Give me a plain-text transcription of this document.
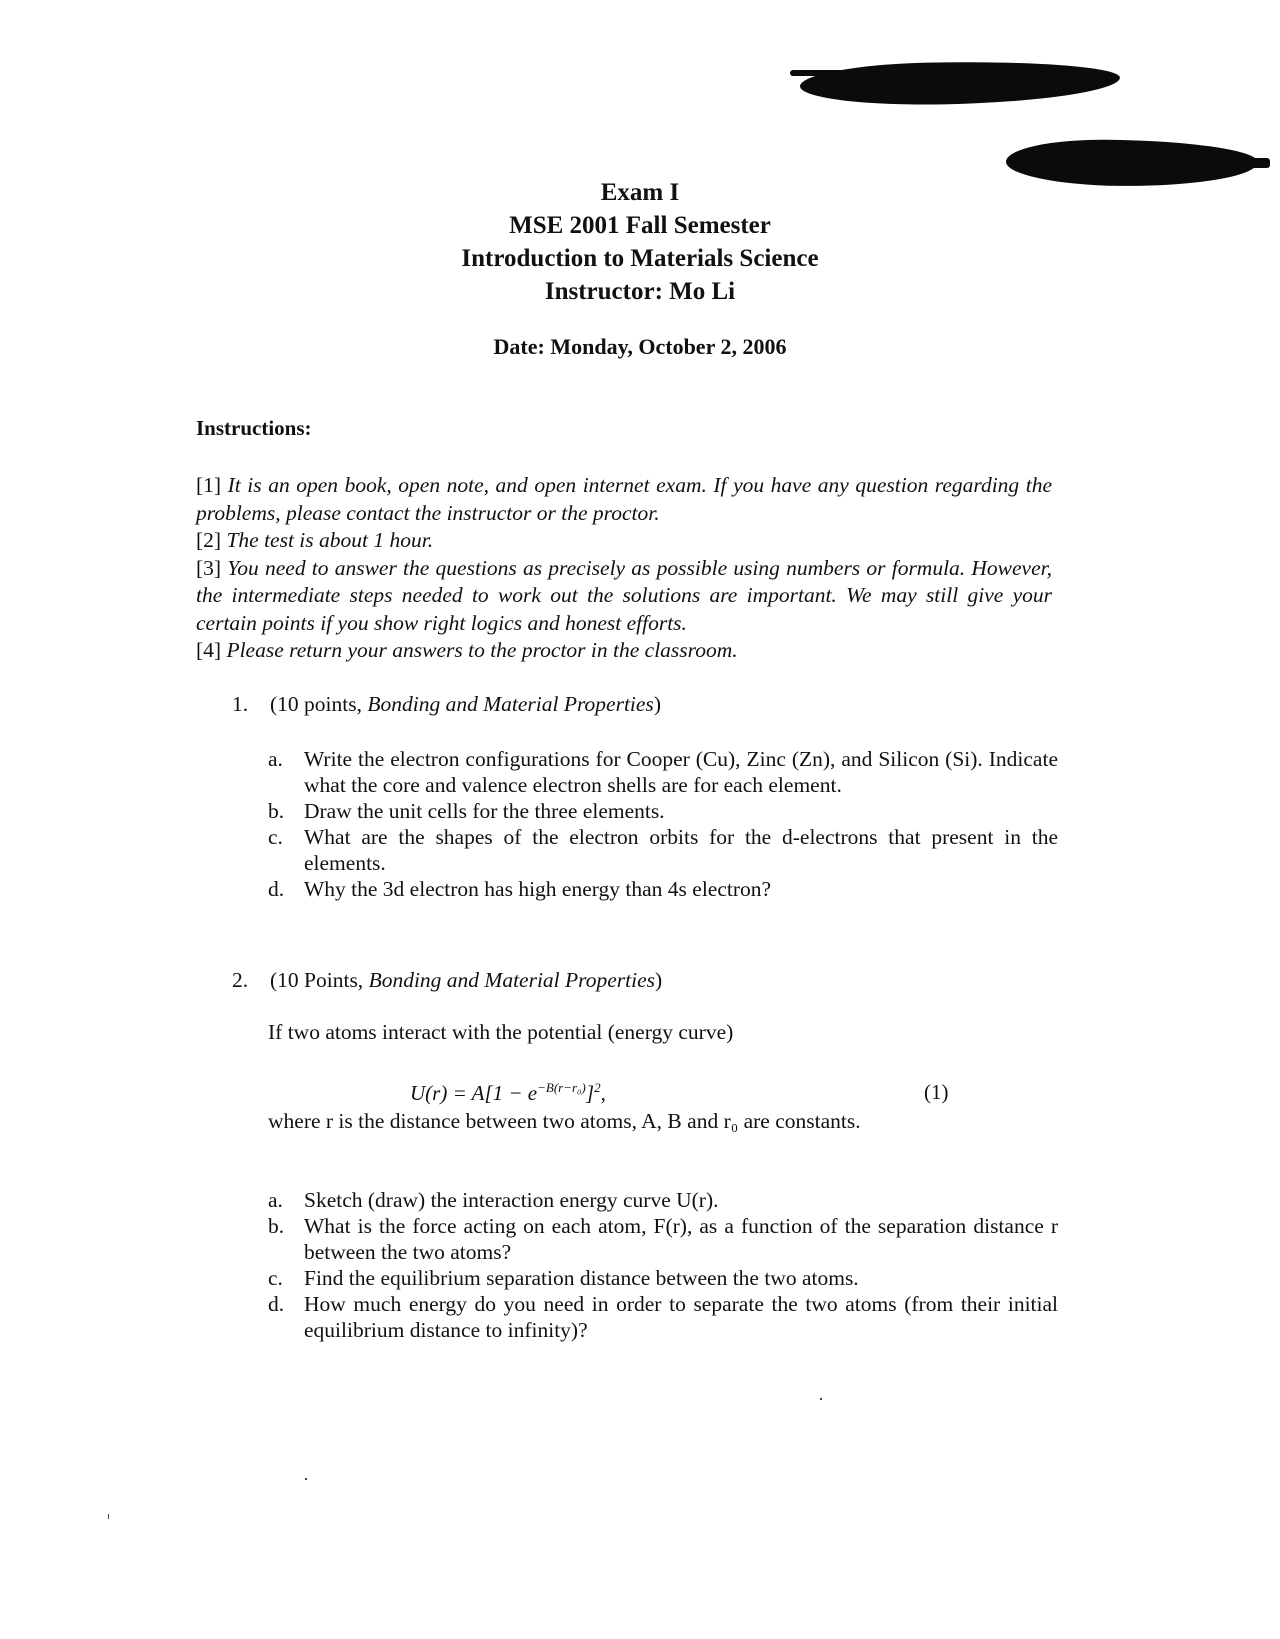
Exam I
MSE 2001 Fall Semester
Introduction to Materials Science
Instructor: Mo Li
Date: Monday, October 2, 2006
Instructions:
[1] It is an open book, open note, and open internet exam. If you have any question regarding the problems, please contact the instructor or the proctor.
[2] The test is about 1 hour.
[3] You need to answer the questions as precisely as possible using numbers or formula. However, the intermediate steps needed to work out the solutions are important. We may still give your certain points if you show right logics and honest efforts.
[4] Please return your answers to the proctor in the classroom.
1. (10 points, Bonding and Material Properties)
a. Write the electron configurations for Cooper (Cu), Zinc (Zn), and Silicon (Si). Indicate what the core and valence electron shells are for each element.
b. Draw the unit cells for the three elements.
c. What are the shapes of the electron orbits for the d-electrons that present in the elements.
d. Why the 3d electron has high energy than 4s electron?
2. (10 Points, Bonding and Material Properties)
If two atoms interact with the potential (energy curve)
$U(r) = A[1 - e^{-B(r-r_0)}]^2$,	(1)
where r is the distance between two atoms, A, B and r₀ are constants.
a. Sketch (draw) the interaction energy curve U(r).
b. What is the force acting on each atom, F(r), as a function of the separation distance r between the two atoms?
c. Find the equilibrium separation distance between the two atoms.
d. How much energy do you need in order to separate the two atoms (from their initial equilibrium distance to infinity)?
